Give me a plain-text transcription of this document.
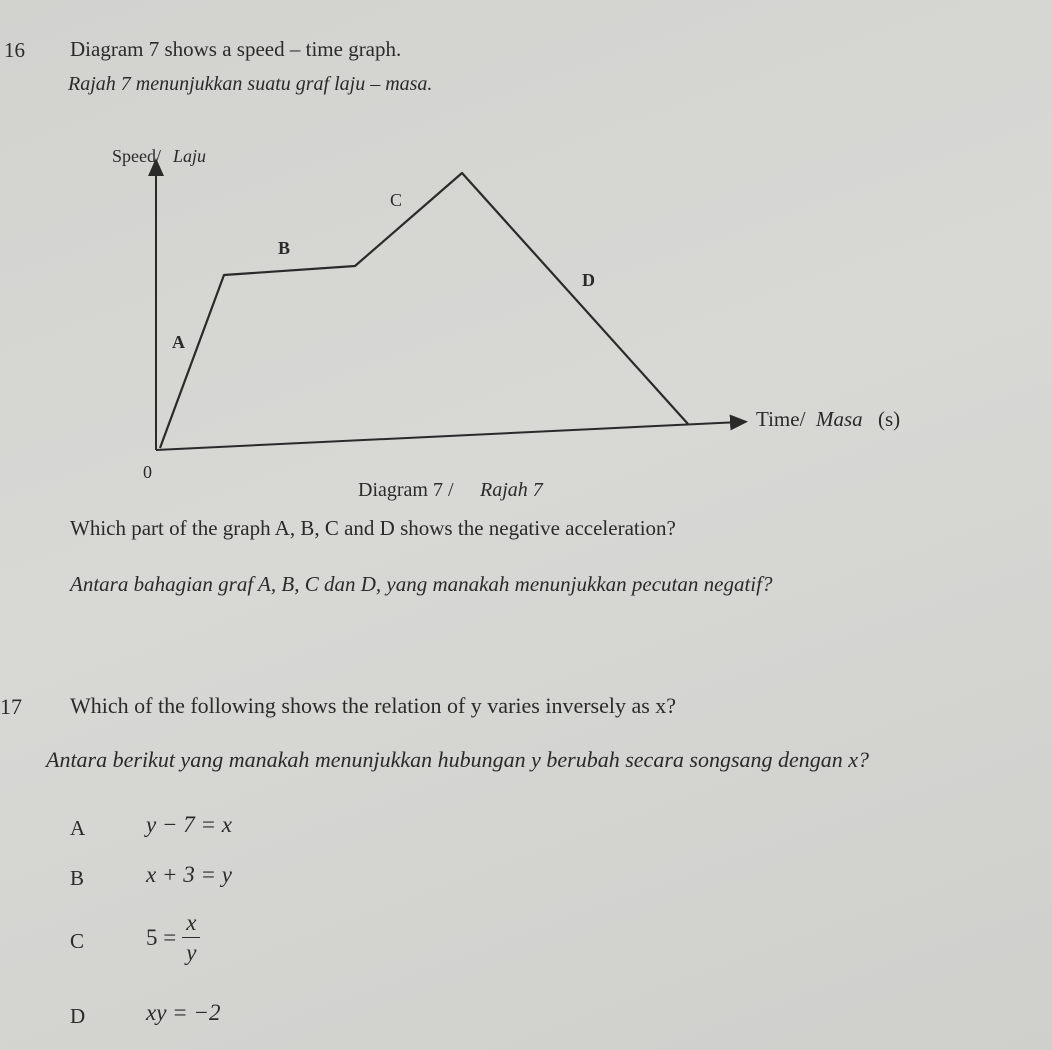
16 Diagram 7 shows a speed – time graph.
Rajah 7 menunjukkan suatu graf laju – masa.
Speed/ Laju
A
B
C
D
0
Time/ Masa (s)
Diagram 7 / Rajah 7
Which part of the graph A, B, C and D shows the negative acceleration?
Antara bahagian graf A, B, C dan D, yang manakah menunjukkan pecutan negatif?
17 Which of the following shows the relation of y varies inversely as x?
Antara berikut yang manakah menunjukkan hubungan y berubah secara songsang dengan x?
A	y − 7 = x
B	x + 3 = y
C	$5 = \frac{x}{y}$
D	xy = −2
